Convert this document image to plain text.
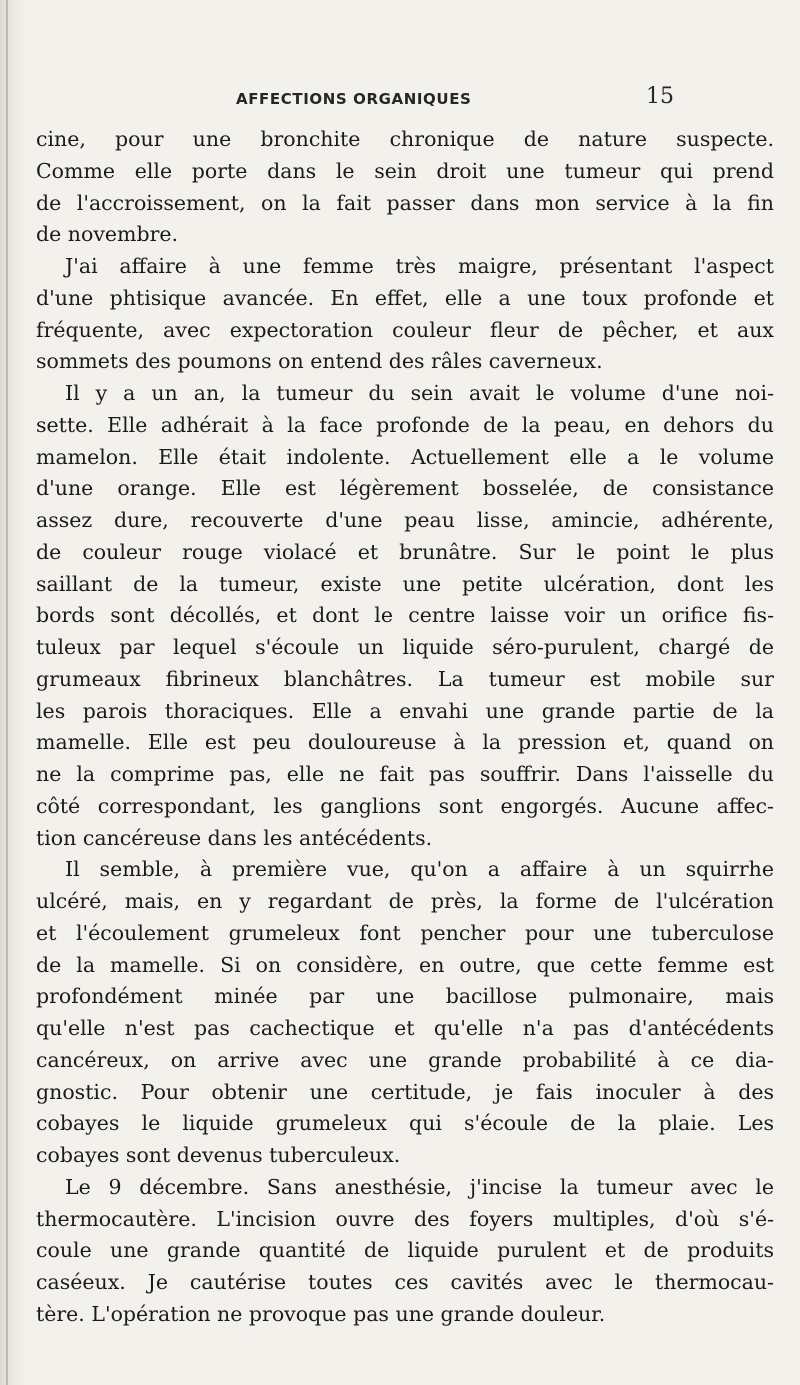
AFFECTIONS ORGANIQUES	15
cine, pour une bronchite chronique de nature suspecte.
Comme elle porte dans le sein droit une tumeur qui prend
de l'accroissement, on la fait passer dans mon service à la fin
de novembre.
J'ai affaire à une femme très maigre, présentant l'aspect
d'une phtisique avancée. En effet, elle a une toux profonde et
fréquente, avec expectoration couleur fleur de pêcher, et aux
sommets des poumons on entend des râles caverneux.
Il y a un an, la tumeur du sein avait le volume d'une noi-
sette. Elle adhérait à la face profonde de la peau, en dehors du
mamelon. Elle était indolente. Actuellement elle a le volume
d'une orange. Elle est légèrement bosselée, de consistance
assez dure, recouverte d'une peau lisse, amincie, adhérente,
de couleur rouge violacé et brunâtre. Sur le point le plus
saillant de la tumeur, existe une petite ulcération, dont les
bords sont décollés, et dont le centre laisse voir un orifice fis-
tuleux par lequel s'écoule un liquide séro-purulent, chargé de
grumeaux fibrineux blanchâtres. La tumeur est mobile sur
les parois thoraciques. Elle a envahi une grande partie de la
mamelle. Elle est peu douloureuse à la pression et, quand on
ne la comprime pas, elle ne fait pas souffrir. Dans l'aisselle du
côté correspondant, les ganglions sont engorgés. Aucune affec-
tion cancéreuse dans les antécédents.
Il semble, à première vue, qu'on a affaire à un squirrhe
ulcéré, mais, en y regardant de près, la forme de l'ulcération
et l'écoulement grumeleux font pencher pour une tuberculose
de la mamelle. Si on considère, en outre, que cette femme est
profondément minée par une bacillose pulmonaire, mais
qu'elle n'est pas cachectique et qu'elle n'a pas d'antécédents
cancéreux, on arrive avec une grande probabilité à ce dia-
gnostic. Pour obtenir une certitude, je fais inoculer à des
cobayes le liquide grumeleux qui s'écoule de la plaie. Les
cobayes sont devenus tuberculeux.
Le 9 décembre. Sans anesthésie, j'incise la tumeur avec le
thermocautère. L'incision ouvre des foyers multiples, d'où s'é-
coule une grande quantité de liquide purulent et de produits
caséeux. Je cautérise toutes ces cavités avec le thermocau-
tère. L'opération ne provoque pas une grande douleur.
